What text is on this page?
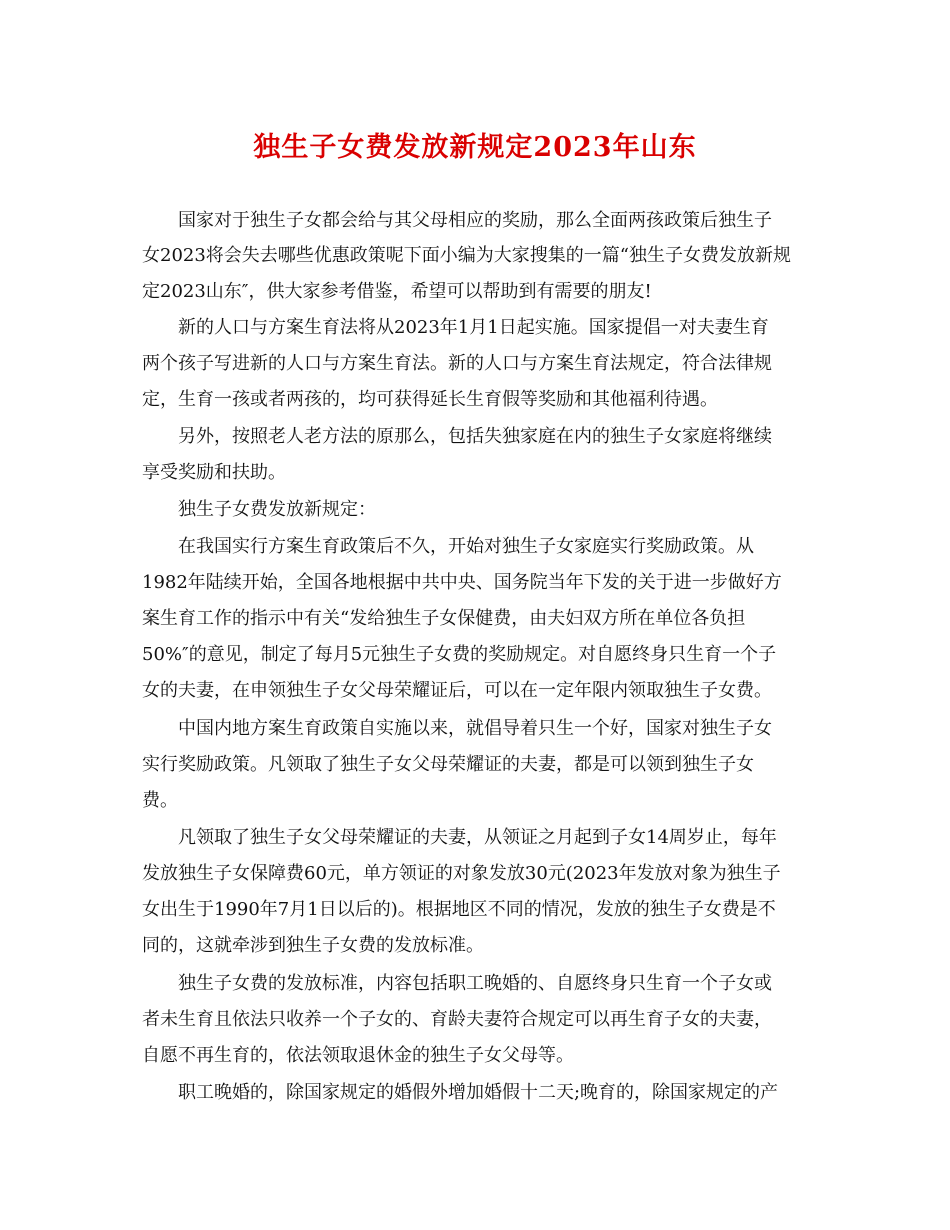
独生子女费发放新规定2023年山东
国家对于独生子女都会给与其父母相应的奖励，那么全面两孩政策后独生子
女2023将会失去哪些优惠政策呢下面小编为大家搜集的一篇“独生子女费发放新规
定2023山东″，供大家参考借鉴，希望可以帮助到有需要的朋友!
新的人口与方案生育法将从2023年1月1日起实施。国家提倡一对夫妻生育
两个孩子写进新的人口与方案生育法。新的人口与方案生育法规定，符合法律规
定，生育一孩或者两孩的，均可获得延长生育假等奖励和其他福利待遇。
另外，按照老人老方法的原那么，包括失独家庭在内的独生子女家庭将继续
享受奖励和扶助。
独生子女费发放新规定：
在我国实行方案生育政策后不久，开始对独生子女家庭实行奖励政策。从
1982年陆续开始，全国各地根据中共中央、国务院当年下发的关于进一步做好方
案生育工作的指示中有关“发给独生子女保健费，由夫妇双方所在单位各负担
50%″的意见，制定了每月5元独生子女费的奖励规定。对自愿终身只生育一个子
女的夫妻，在申领独生子女父母荣耀证后，可以在一定年限内领取独生子女费。
中国内地方案生育政策自实施以来，就倡导着只生一个好，国家对独生子女
实行奖励政策。凡领取了独生子女父母荣耀证的夫妻，都是可以领到独生子女
费。
凡领取了独生子女父母荣耀证的夫妻，从领证之月起到子女14周岁止，每年
发放独生子女保障费60元，单方领证的对象发放30元(2023年发放对象为独生子
女出生于1990年7月1日以后的)。根据地区不同的情况，发放的独生子女费是不
同的，这就牵涉到独生子女费的发放标准。
独生子女费的发放标准，内容包括职工晚婚的、自愿终身只生育一个子女或
者未生育且依法只收养一个子女的、育龄夫妻符合规定可以再生育子女的夫妻，
自愿不再生育的，依法领取退休金的独生子女父母等。
职工晚婚的，除国家规定的婚假外增加婚假十二天;晚育的，除国家规定的产
